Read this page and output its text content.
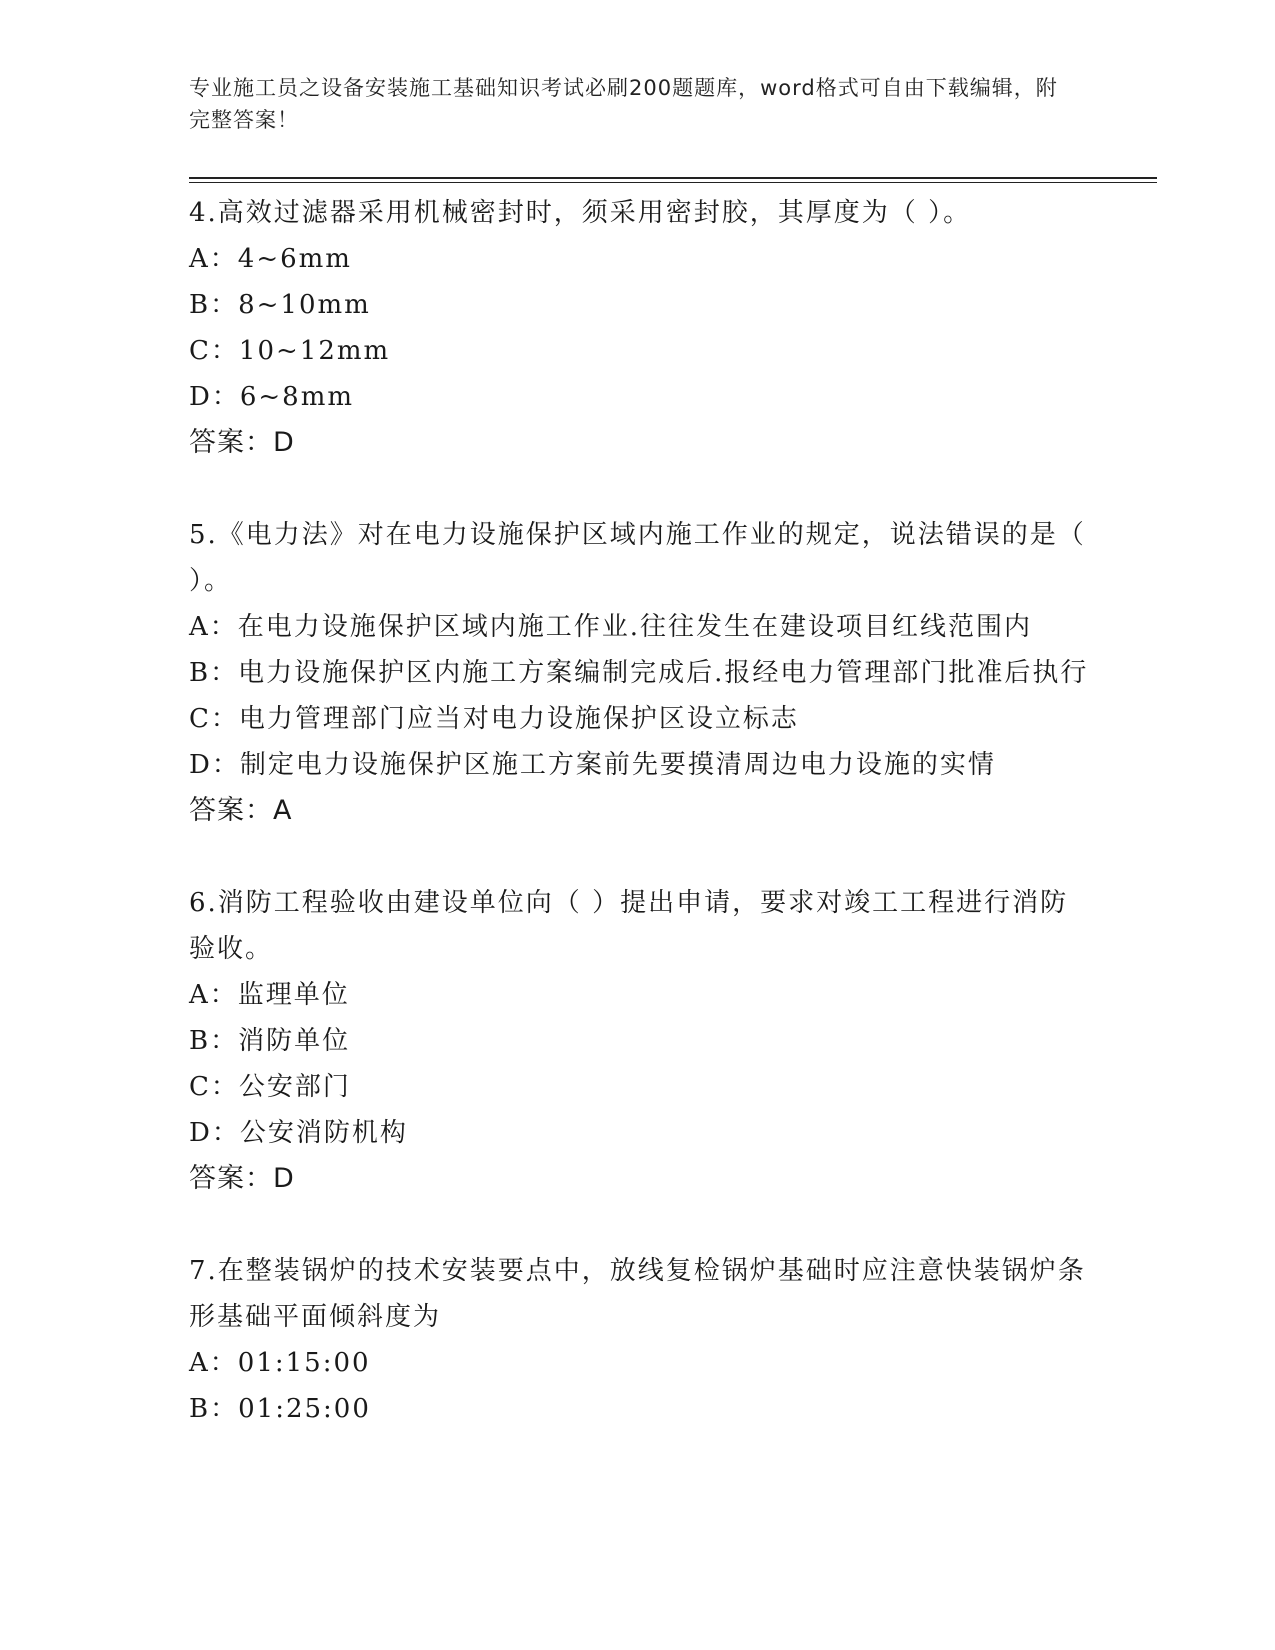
专业施工员之设备安装施工基础知识考试必刷200题题库，word格式可自由下载编辑，附完整答案！

4.高效过滤器采用机械密封时，须采用密封胶，其厚度为（ ）。

A：4~6mm

B：8~10mm

C：10~12mm

D：6~8mm

答案：D

5.《电力法》对在电力设施保护区域内施工作业的规定，说法错误的是（ ）。

A：在电力设施保护区域内施工作业.往往发生在建设项目红线范围内

B：电力设施保护区内施工方案编制完成后.报经电力管理部门批准后执行

C：电力管理部门应当对电力设施保护区设立标志

D：制定电力设施保护区施工方案前先要摸清周边电力设施的实情

答案：A

6.消防工程验收由建设单位向（ ）提出申请，要求对竣工工程进行消防验收。

A：监理单位

B：消防单位

C：公安部门

D：公安消防机构

答案：D

7.在整装锅炉的技术安装要点中，放线复检锅炉基础时应注意快装锅炉条形基础平面倾斜度为

A：01:15:00

B：01:25:00
